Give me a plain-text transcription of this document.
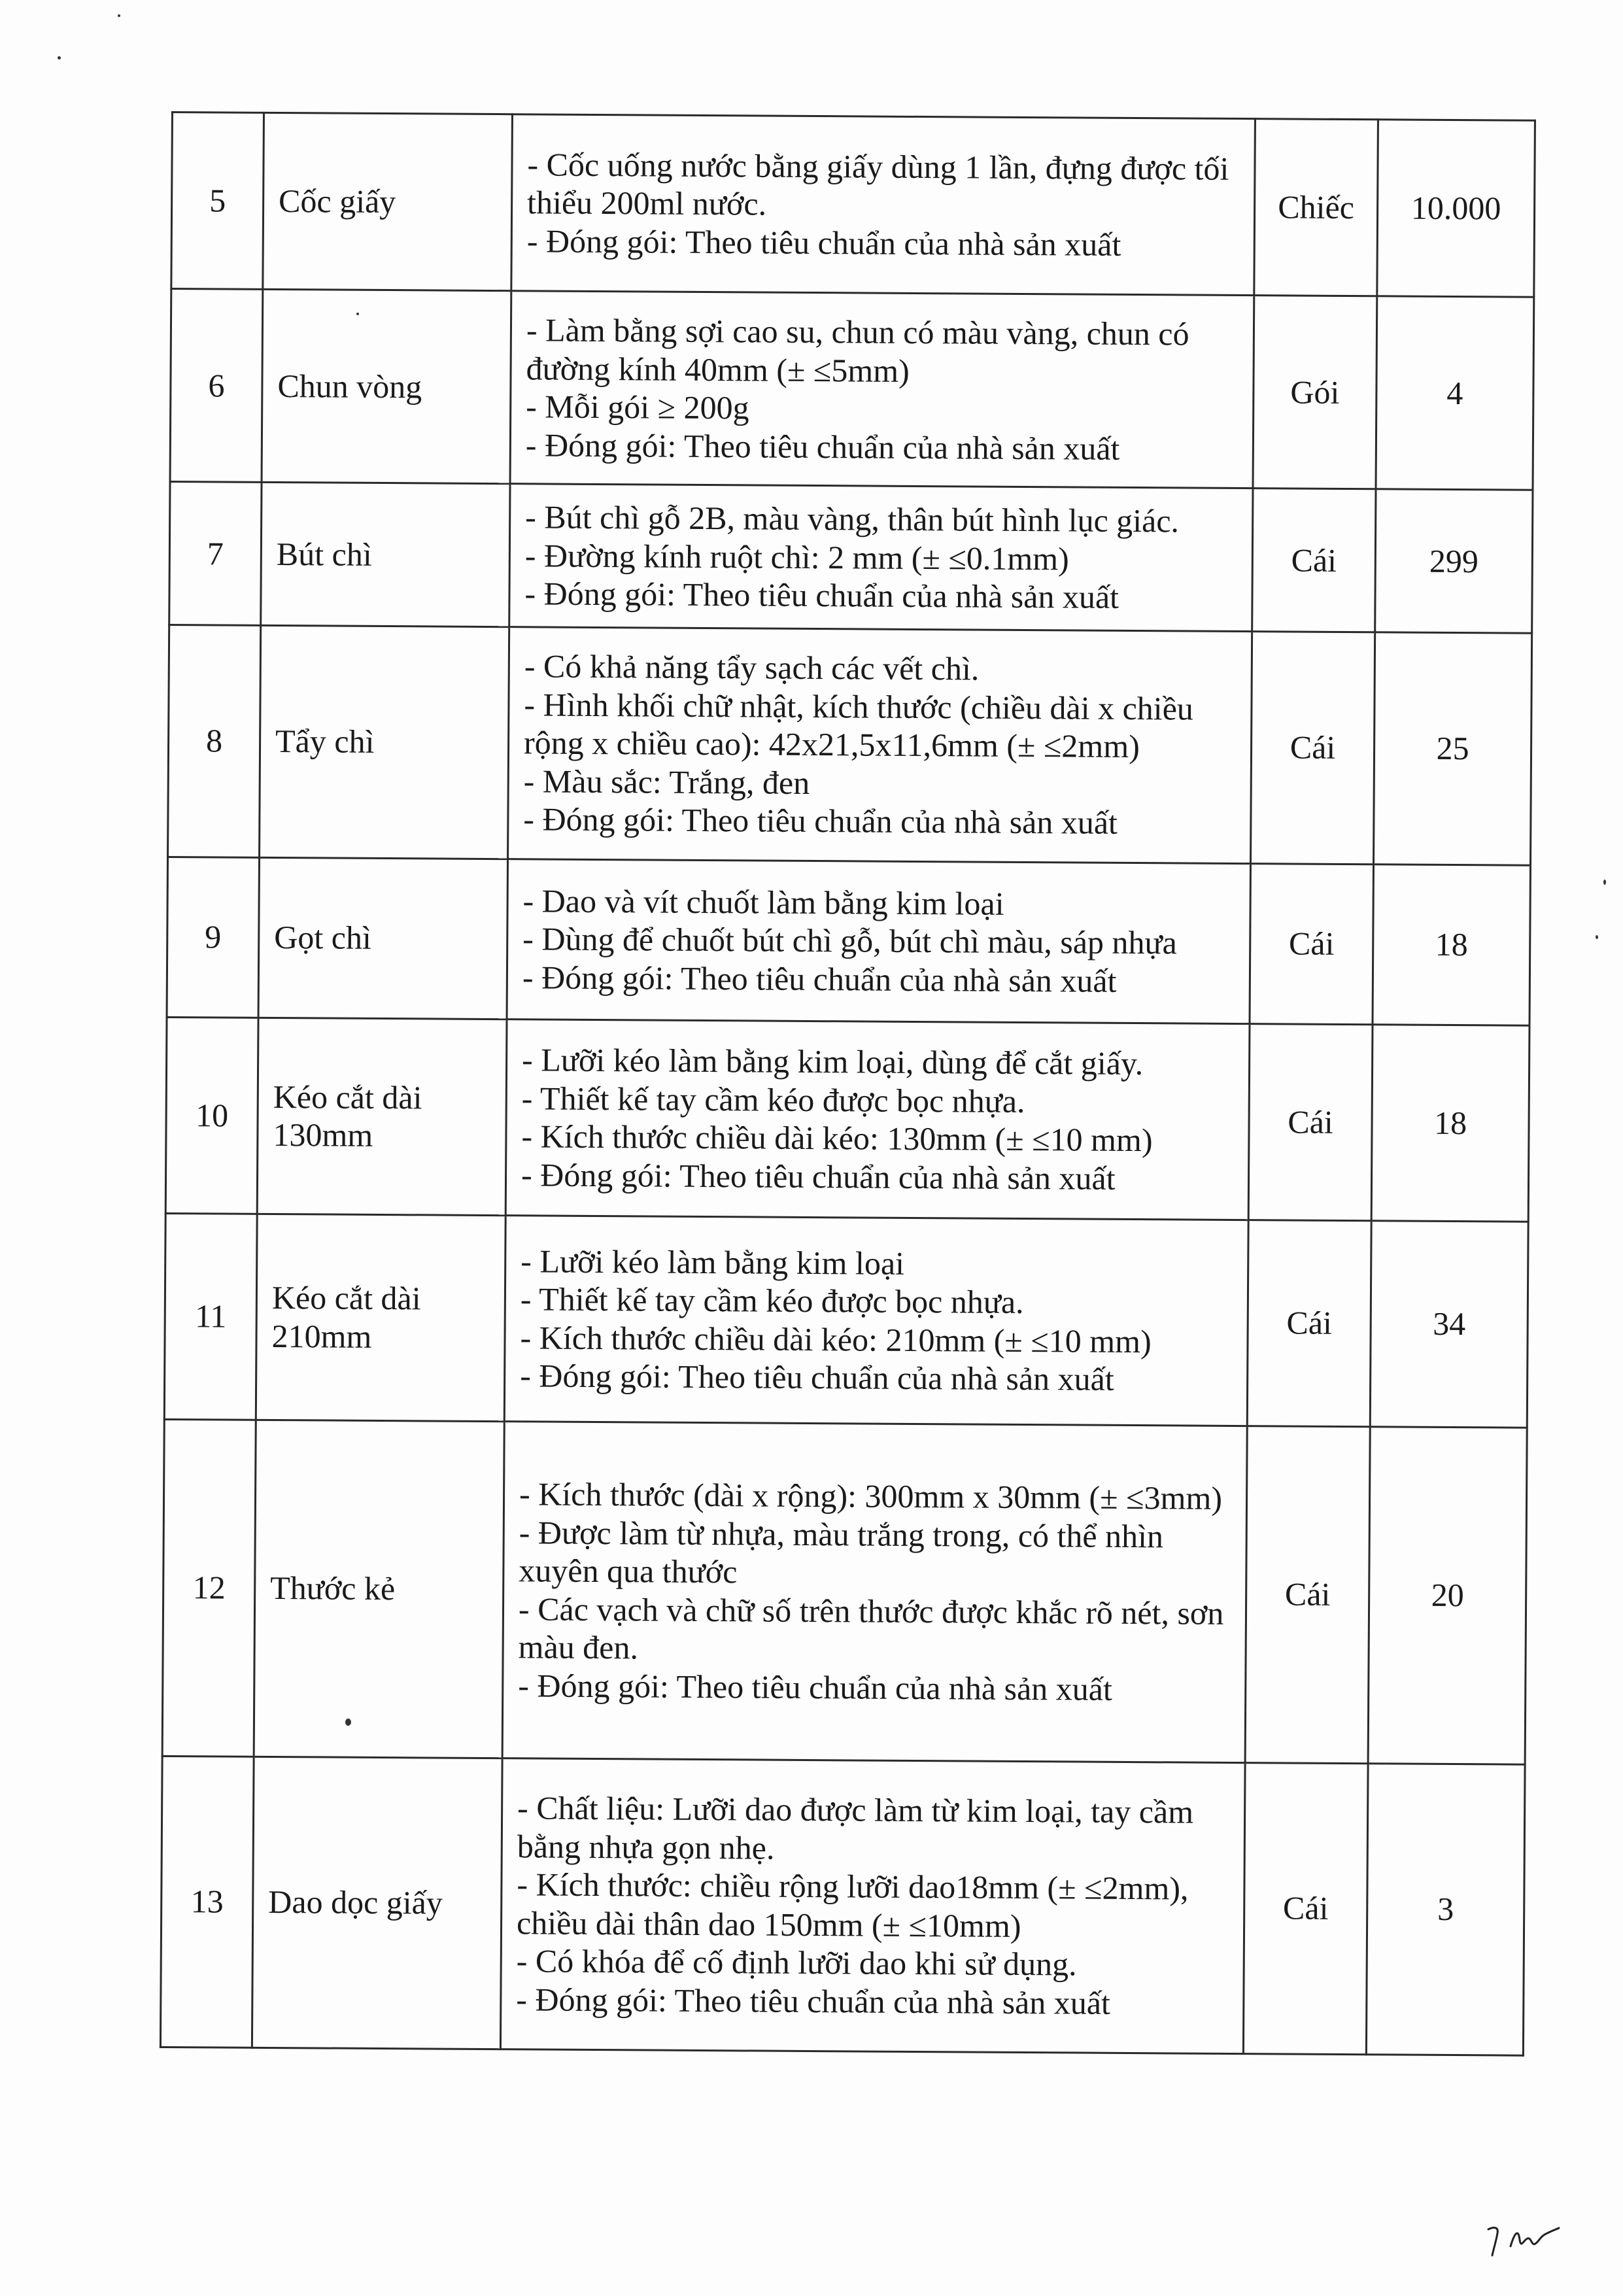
5	Cốc giấy	- Cốc uống nước bằng giấy dùng 1 lần, đựng được tối thiểu 200ml nước.
- Đóng gói: Theo tiêu chuẩn của nhà sản xuất	Chiếc	10.000
6	Chun vòng	- Làm bằng sợi cao su, chun có màu vàng, chun có đường kính 40mm (± ≤5mm)
- Mỗi gói ≥ 200g
- Đóng gói: Theo tiêu chuẩn của nhà sản xuất	Gói	4
7	Bút chì	- Bút chì gỗ 2B, màu vàng, thân bút hình lục giác.
- Đường kính ruột chì: 2 mm (± ≤0.1mm)
- Đóng gói: Theo tiêu chuẩn của nhà sản xuất	Cái	299
8	Tẩy chì	- Có khả năng tẩy sạch các vết chì.
- Hình khối chữ nhật, kích thước (chiều dài x chiều rộng x chiều cao): 42x21,5x11,6mm (± ≤2mm)
- Màu sắc: Trắng, đen
- Đóng gói: Theo tiêu chuẩn của nhà sản xuất	Cái	25
9	Gọt chì	- Dao và vít chuốt làm bằng kim loại
- Dùng để chuốt bút chì gỗ, bút chì màu, sáp nhựa
- Đóng gói: Theo tiêu chuẩn của nhà sản xuất	Cái	18
10	Kéo cắt dài 130mm	- Lưỡi kéo làm bằng kim loại, dùng để cắt giấy.
- Thiết kế tay cầm kéo được bọc nhựa.
- Kích thước chiều dài kéo: 130mm (± ≤10 mm)
- Đóng gói: Theo tiêu chuẩn của nhà sản xuất	Cái	18
11	Kéo cắt dài 210mm	- Lưỡi kéo làm bằng kim loại
- Thiết kế tay cầm kéo được bọc nhựa.
- Kích thước chiều dài kéo: 210mm (± ≤10 mm)
- Đóng gói: Theo tiêu chuẩn của nhà sản xuất	Cái	34
12	Thước kẻ	- Kích thước (dài x rộng): 300mm x 30mm (± ≤3mm)
- Được làm từ nhựa, màu trắng trong, có thể nhìn xuyên qua thước
- Các vạch và chữ số trên thước được khắc rõ nét, sơn màu đen.
- Đóng gói: Theo tiêu chuẩn của nhà sản xuất	Cái	20
13	Dao dọc giấy	- Chất liệu: Lưỡi dao được làm từ kim loại, tay cầm bằng nhựa gọn nhẹ.
- Kích thước: chiều rộng lưỡi dao18mm (± ≤2mm), chiều dài thân dao 150mm (± ≤10mm)
- Có khóa để cố định lưỡi dao khi sử dụng.
- Đóng gói: Theo tiêu chuẩn của nhà sản xuất	Cái	3
